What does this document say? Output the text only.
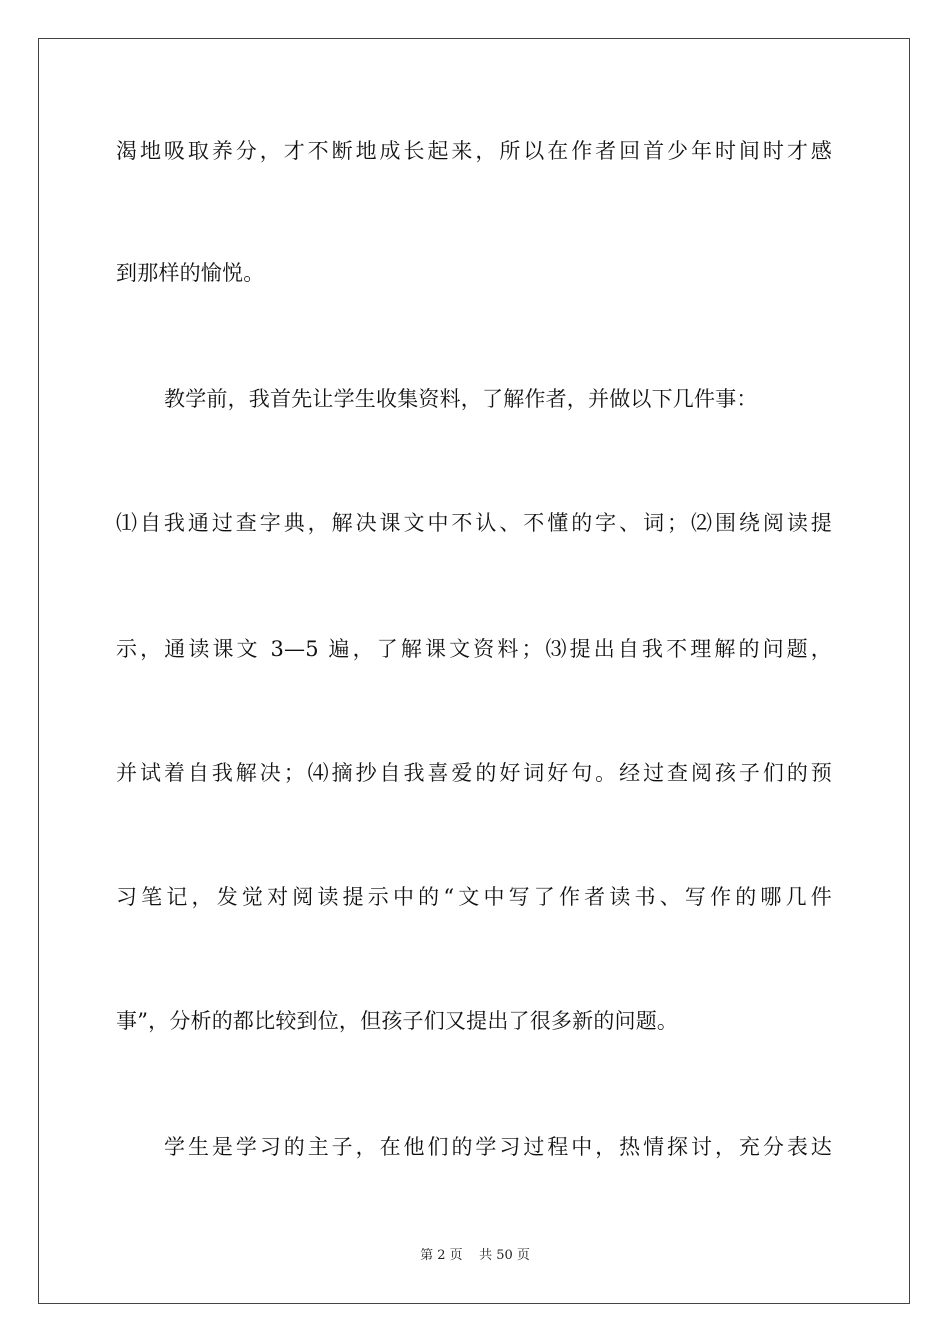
渴地吸取养分，才不断地成长起来，所以在作者回首少年时间时才感
到那样的愉悦。
教学前，我首先让学生收集资料，了解作者，并做以下几件事：
⑴自我通过查字典，解决课文中不认、不懂的字、词；⑵围绕阅读提
示，通读课文 3—5 遍，了解课文资料；⑶提出自我不理解的问题，
并试着自我解决；⑷摘抄自我喜爱的好词好句。经过查阅孩子们的预
习笔记，发觉对阅读提示中的“文中写了作者读书、写作的哪几件
事”，分析的都比较到位，但孩子们又提出了很多新的问题。
学生是学习的主子，在他们的学习过程中，热情探讨，充分表达
第 2 页    共 50 页
